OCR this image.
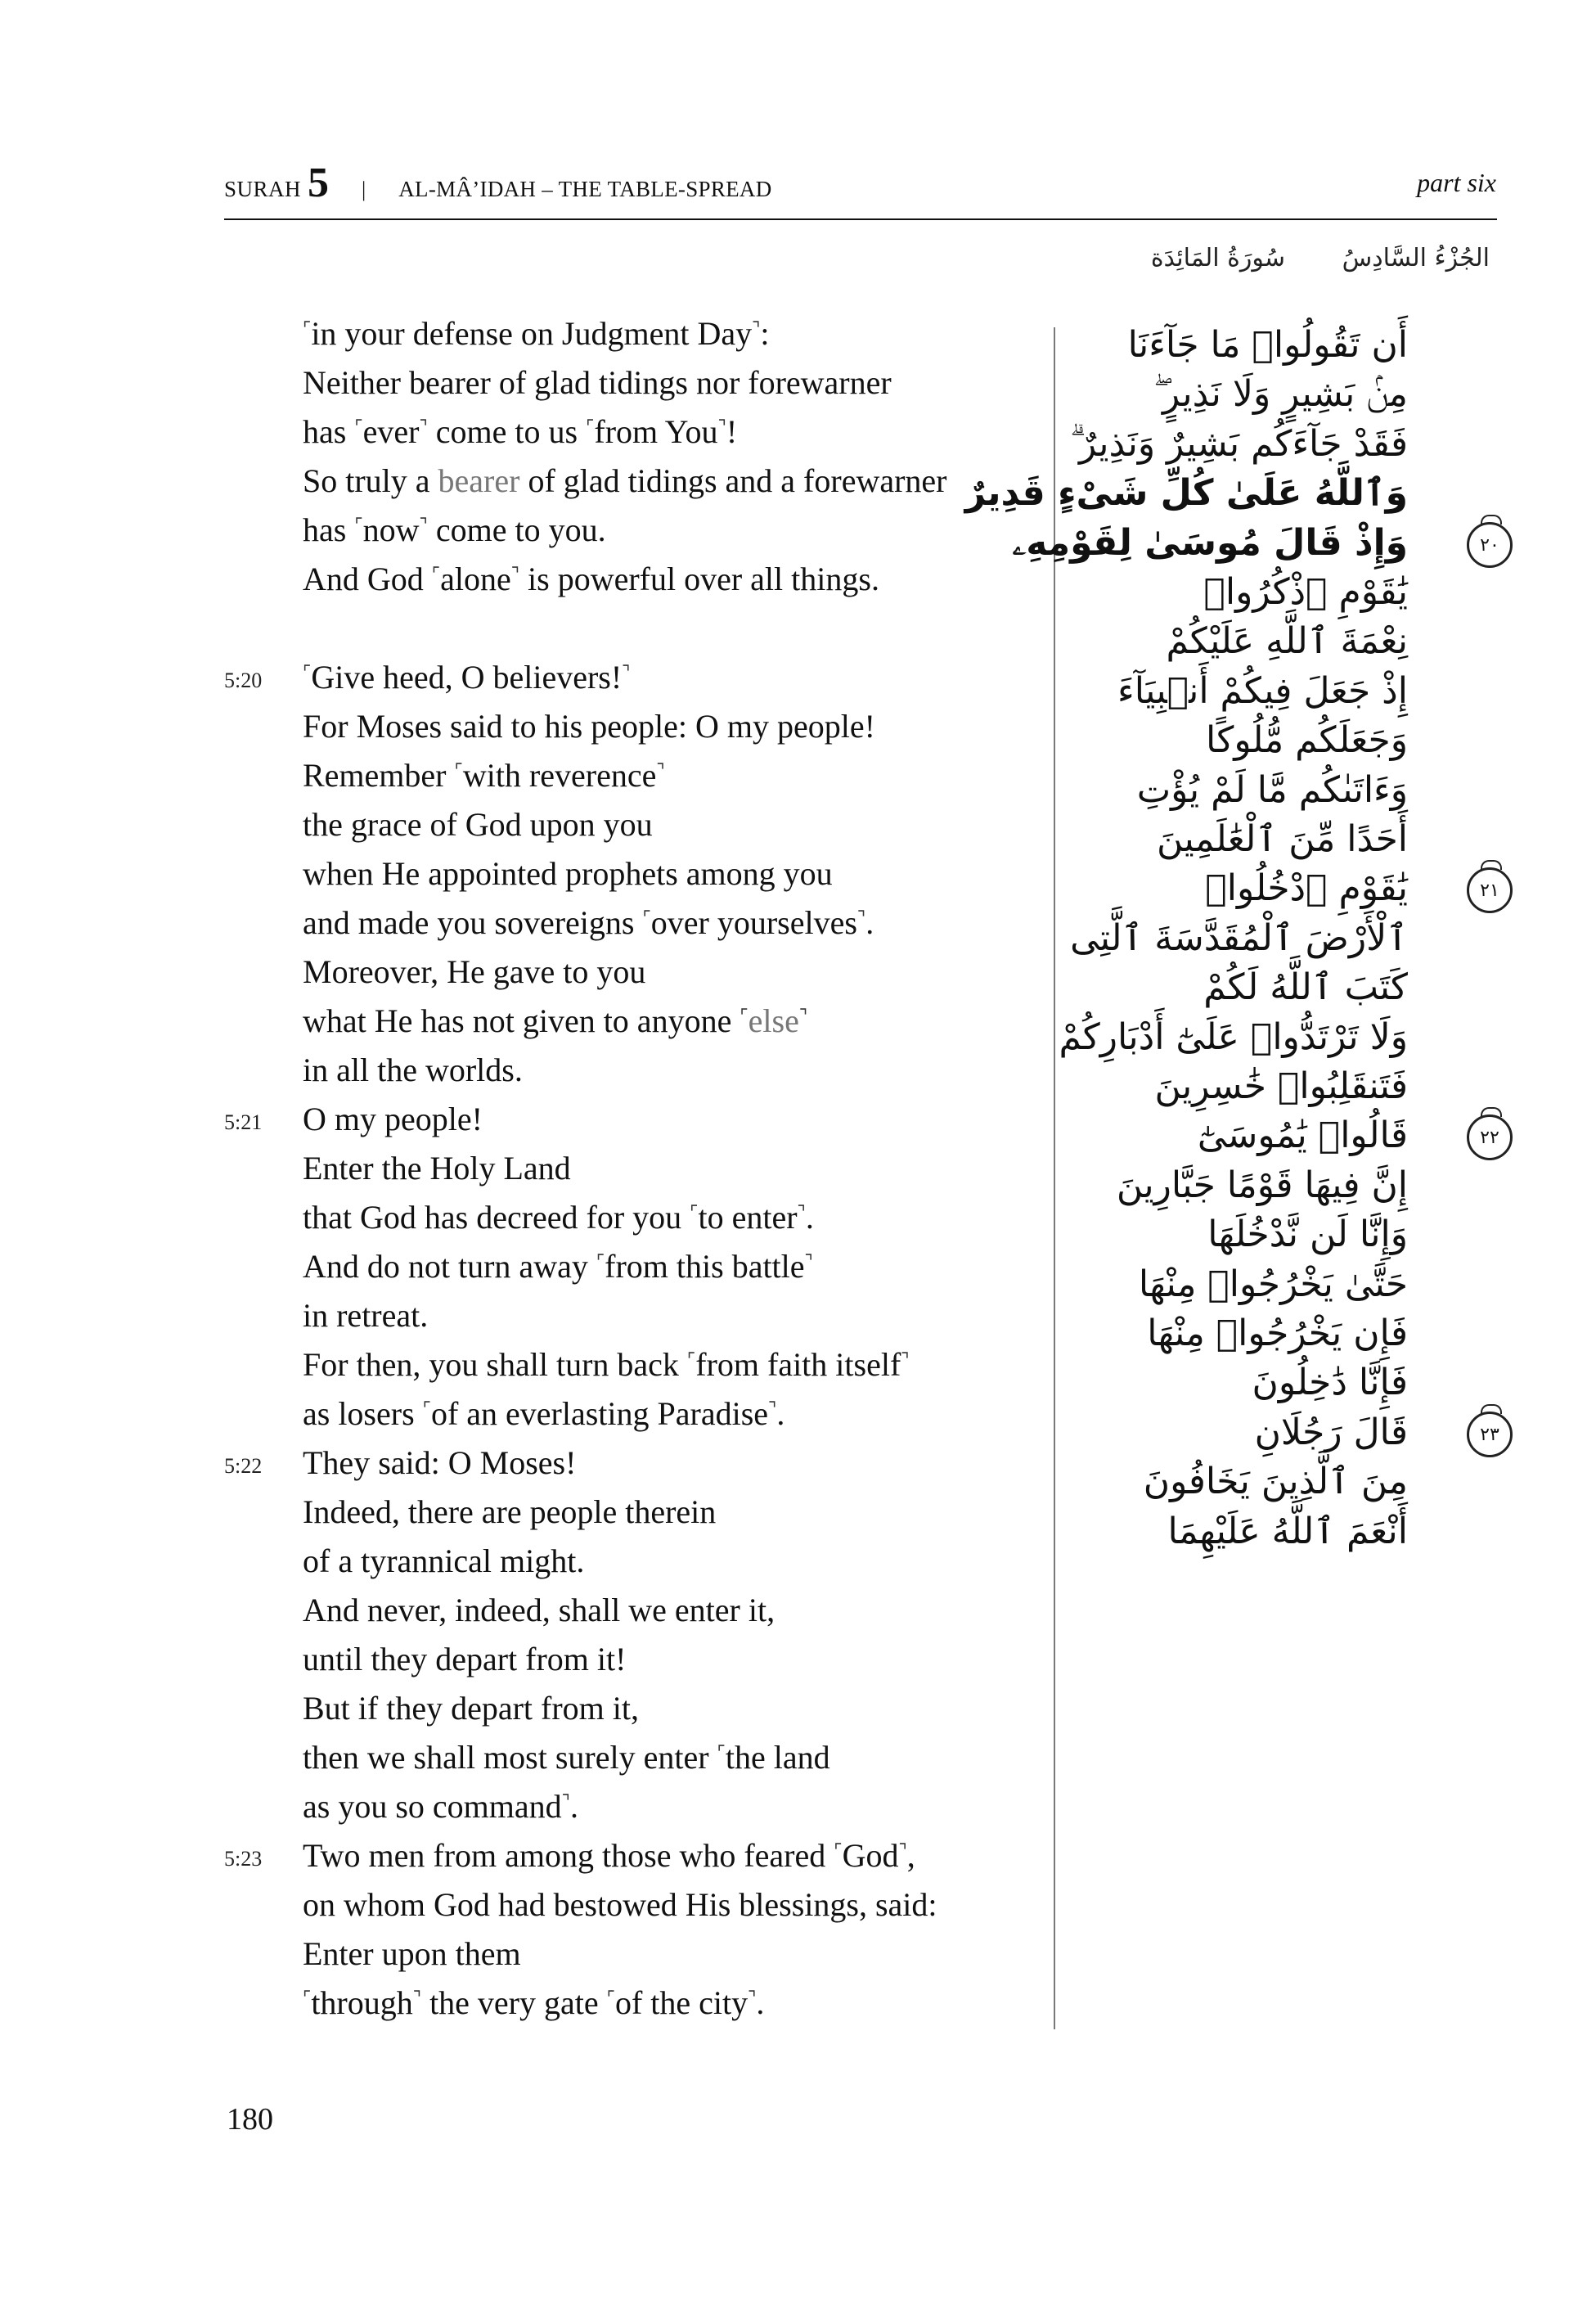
SURAH 5 | AL-MÂ’IDAH – THE TABLE-SPREAD	part six
الجُزْءُ السَّادِسُ
سُورَةُ المَائِدَة
⌜in your defense on Judgment Day⌝:
Neither bearer of glad tidings nor forewarner
has ⌜ever⌝ come to us ⌜from You⌝!
So truly a bearer of glad tidings and a forewarner
has ⌜now⌝ come to you.
And God ⌜alone⌝ is powerful over all things.
5:20 ⌜Give heed, O believers!⌝
For Moses said to his people: O my people!
Remember ⌜with reverence⌝
the grace of God upon you
when He appointed prophets among you
and made you sovereigns ⌜over yourselves⌝.
Moreover, He gave to you
what He has not given to anyone ⌜else⌝
in all the worlds.
5:21 O my people!
Enter the Holy Land
that God has decreed for you ⌜to enter⌝.
And do not turn away ⌜from this battle⌝
in retreat.
For then, you shall turn back ⌜from faith itself⌝
as losers ⌜of an everlasting Paradise⌝.
5:22 They said: O Moses!
Indeed, there are people therein
of a tyrannical might.
And never, indeed, shall we enter it,
until they depart from it!
But if they depart from it,
then we shall most surely enter ⌜the land
as you so command⌝.
5:23 Two men from among those who feared ⌜God⌝,
on whom God had bestowed His blessings, said:
Enter upon them
⌜through⌝ the very gate ⌜of the city⌝.
أَن تَقُولُوا۟ مَا جَآءَنَا
مِنۢ بَشِيرٍ وَلَا نَذِيرٍ ۖ
فَقَدْ جَآءَكُم بَشِيرٌ وَنَذِيرٌ ۗ
وَٱللَّهُ عَلَىٰ كُلِّ شَىْءٍ قَدِيرٌ
وَإِذْ قَالَ مُوسَىٰ لِقَوْمِهِۦ	٢٠
يَٰقَوْمِ ٱذْكُرُوا۟
نِعْمَةَ ٱللَّهِ عَلَيْكُمْ
إِذْ جَعَلَ فِيكُمْ أَنۢبِيَآءَ
وَجَعَلَكُم مُّلُوكًا
وَءَاتَىٰكُم مَّا لَمْ يُؤْتِ
أَحَدًا مِّنَ ٱلْعَٰلَمِينَ
يَٰقَوْمِ ٱدْخُلُوا۟	٢١
ٱلْأَرْضَ ٱلْمُقَدَّسَةَ ٱلَّتِى
كَتَبَ ٱللَّهُ لَكُمْ
وَلَا تَرْتَدُّوا۟ عَلَىٰٓ أَدْبَارِكُمْ
فَتَنقَلِبُوا۟ خَٰسِرِينَ
قَالُوا۟ يَٰمُوسَىٰٓ	٢٢
إِنَّ فِيهَا قَوْمًا جَبَّارِينَ
وَإِنَّا لَن نَّدْخُلَهَا
حَتَّىٰ يَخْرُجُوا۟ مِنْهَا
فَإِن يَخْرُجُوا۟ مِنْهَا
فَإِنَّا دَٰخِلُونَ
قَالَ رَجُلَانِ	٢٣
مِنَ ٱلَّذِينَ يَخَافُونَ
أَنْعَمَ ٱللَّهُ عَلَيْهِمَا
180
